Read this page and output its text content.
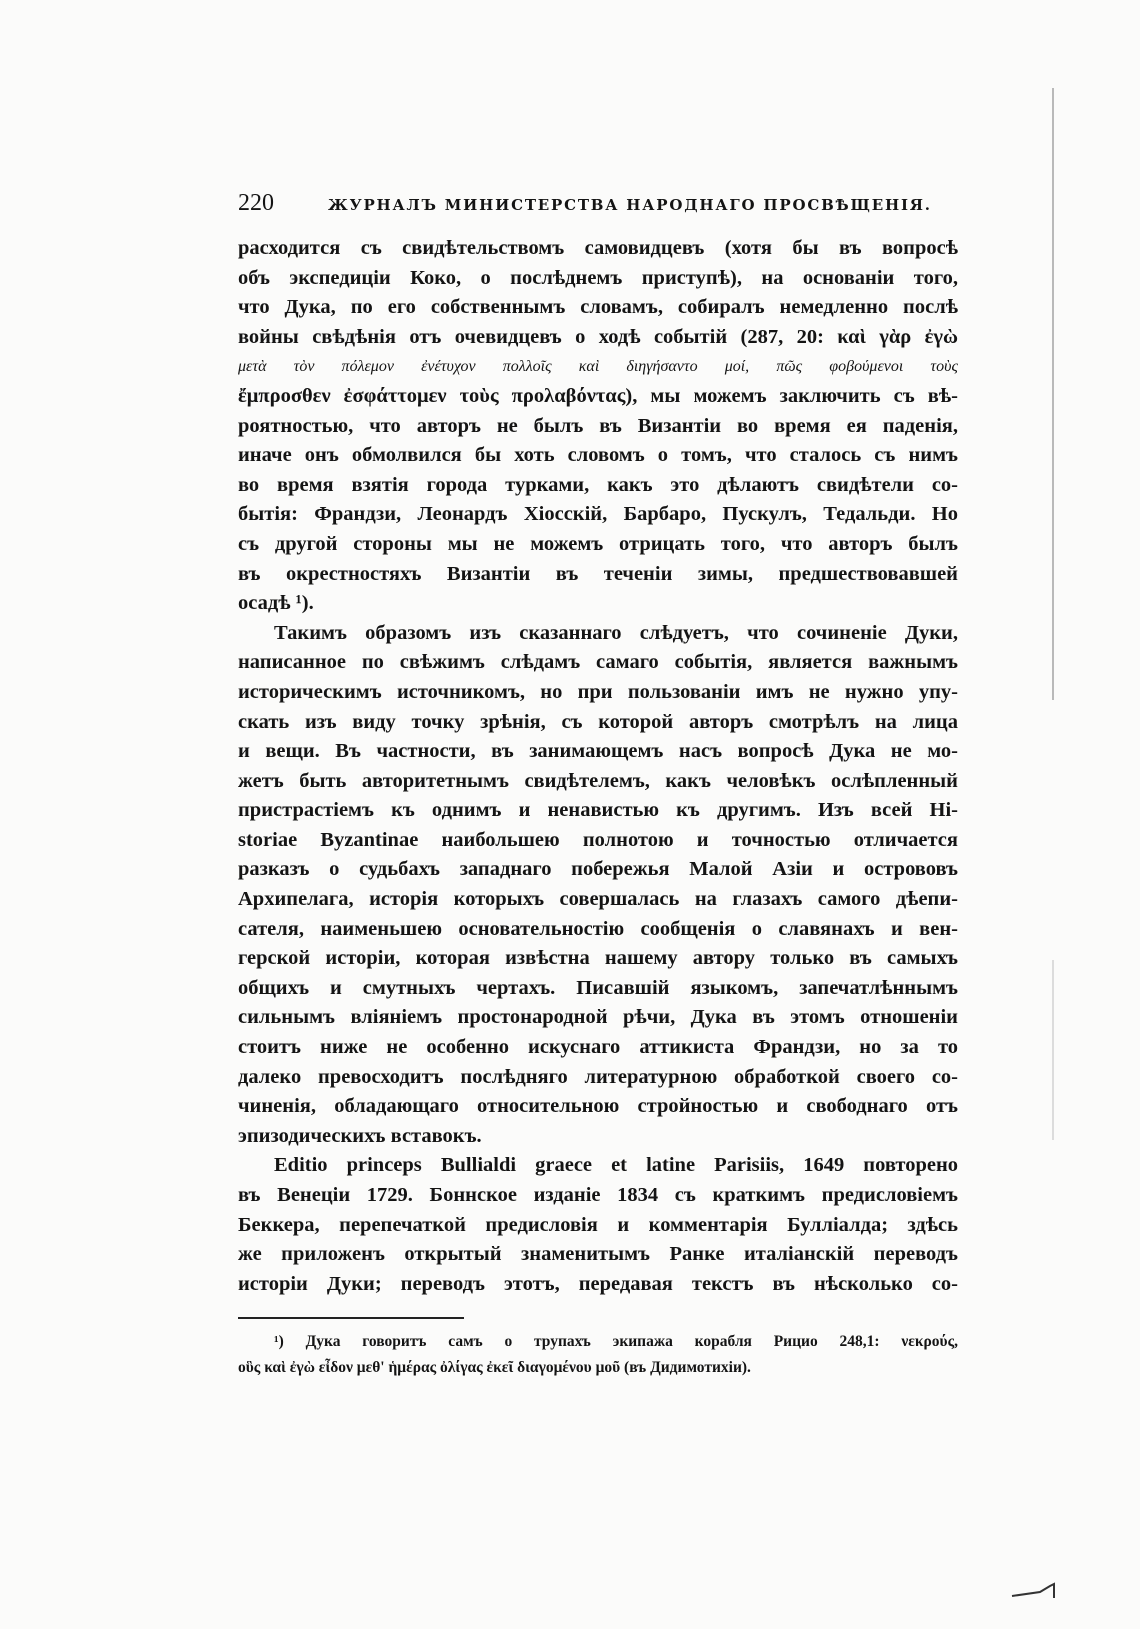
220	ЖУРНАЛЪ МИНИСТЕРСТВА НАРОДНАГО ПРОСВѢЩЕНІЯ.
расходится съ свидѣтельствомъ самовидцевъ (хотя бы въ вопросѣ
объ экспедиціи Коко, о послѣднемъ приступѣ), на основаніи того,
что Дука, по его собственнымъ словамъ, собиралъ немедленно послѣ
войны свѣдѣнія отъ очевидцевъ о ходѣ событій (287, 20: καὶ γὰρ ἐγὼ
μετὰ τὸν πόλεμον ἐνέτυχον πολλοῖς καὶ διηγήσαντο μοί, πῶς φοβούμενοι τοὺς
ἔμπροσθεν ἐσφάττομεν τοὺς προλαβόντας), мы можемъ заключить съ вѣ-
роятностью, что авторъ не былъ въ Византіи во время ея паденія,
иначе онъ обмолвился бы хоть словомъ о томъ, что сталось съ нимъ
во время взятія города турками, какъ это дѣлаютъ свидѣтели со-
бытія: Франдзи, Леонардъ Хіосскій, Барбаро, Пускулъ, Тедальди. Но
съ другой стороны мы не можемъ отрицать того, что авторъ былъ
въ окрестностяхъ Византіи въ теченіи зимы, предшествовавшей
осадѣ ¹).
Такимъ образомъ изъ сказаннаго слѣдуетъ, что сочиненіе Дуки,
написанное по свѣжимъ слѣдамъ самаго событія, является важнымъ
историческимъ источникомъ, но при пользованіи имъ не нужно упу-
скать изъ виду точку зрѣнія, съ которой авторъ смотрѣлъ на лица
и вещи. Въ частности, въ занимающемъ насъ вопросѣ Дука не мо-
жетъ быть авторитетнымъ свидѣтелемъ, какъ человѣкъ ослѣпленный
пристрастіемъ къ однимъ и ненавистью къ другимъ. Изъ всей Hi-
storiae Byzantinae наибольшею полнотою и точностью отличается
разказъ о судьбахъ западнаго побережья Малой Азіи и острововъ
Архипелага, исторія которыхъ совершалась на глазахъ самого дѣепи-
сателя, наименьшею основательностію сообщенія о славянахъ и вен-
герской исторіи, которая извѣстна нашему автору только въ самыхъ
общихъ и смутныхъ чертахъ. Писавшій языкомъ, запечатлѣннымъ
сильнымъ вліяніемъ простонародной рѣчи, Дука въ этомъ отношеніи
стоитъ ниже не особенно искуснаго аттикиста Франдзи, но за то
далеко превосходитъ послѣдняго литературною обработкой своего со-
чиненія, обладающаго относительною стройностью и свободнаго отъ
эпизодическихъ вставокъ.
Editio princeps Bullialdi graece et latine Parisiis, 1649 повторено
въ Венеціи 1729. Боннское изданіе 1834 съ краткимъ предисловіемъ
Беккера, перепечаткой предисловія и комментарія Булліалда; здѣсь
же приложенъ открытый знаменитымъ Ранке италіанскій переводъ
исторіи Дуки; переводъ этотъ, передавая текстъ въ нѣсколько со-
¹) Дука говоритъ самъ о трупахъ экипажа корабля Рицио 248,1: νεκρούς,
οὓς καὶ ἐγὼ εἶδον μεθ' ἡμέρας ὀλίγας ἐκεῖ διαγομένου μοῦ (въ Дидимотихіи).
